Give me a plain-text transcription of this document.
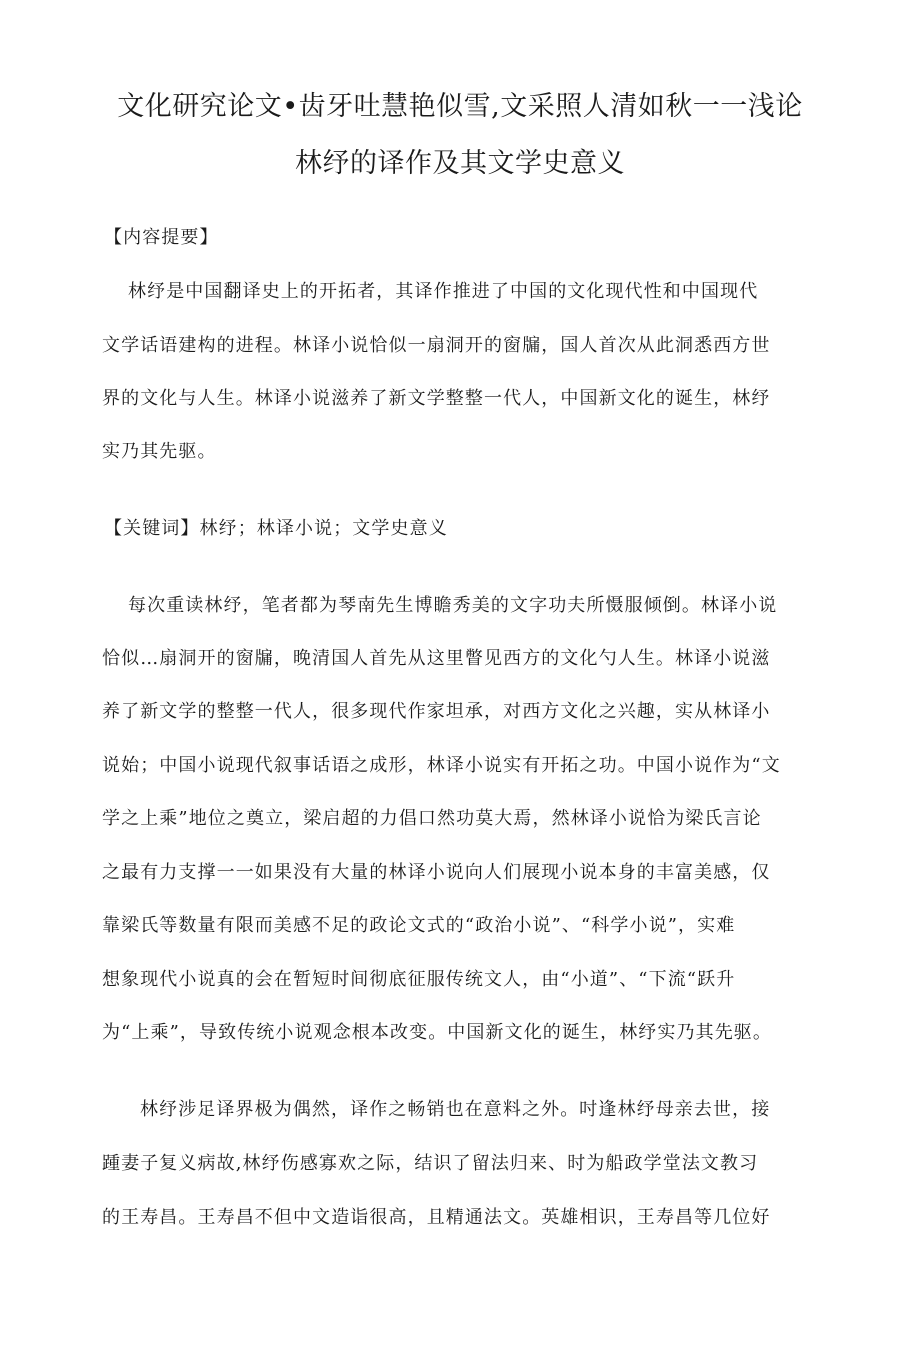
文化研究论文•齿牙吐慧艳似雪,文采照人清如秋一一浅论
林纾的译作及其文学史意义
【内容提要】
林纾是中国翻译史上的开拓者，其译作推进了中国的文化现代性和中国现代
文学话语建构的进程。林译小说恰似一扇洞开的窗牖，国人首次从此洞悉西方世
界的文化与人生。林译小说滋养了新文学整整一代人，中国新文化的诞生，林纾
实乃其先驱。
【关键词】林纾；林译小说；文学史意义
每次重读林纾，笔者都为琴南先生博瞻秀美的文字功夫所慑服倾倒。林译小说
恰似…扇洞开的窗牖，晚清国人首先从这里瞥见西方的文化勺人生。林译小说滋
养了新文学的整整一代人，很多现代作家坦承，对西方文化之兴趣，实从林译小
说始；中国小说现代叙事话语之成形，林译小说实有开拓之功。中国小说作为“文
学之上乘”地位之奠立，梁启超的力倡口然功莫大焉，然林译小说恰为梁氏言论
之最有力支撑一一如果没有大量的林译小说向人们展现小说本身的丰富美感，仅
靠梁氏等数量有限而美感不足的政论文式的“政治小说”、“科学小说”，实难
想象现代小说真的会在暂短时间彻底征服传统文人，由“小道”、“下流“跃升
为“上乘”，导致传统小说观念根本改变。中国新文化的诞生，林纾实乃其先驱。
林纾涉足译界极为偶然，译作之畅销也在意料之外。吋逢林纾母亲去世，接
踵妻子复义病故,林纾伤感寡欢之际，结识了留法归来、时为船政学堂法文教习
的王寿昌。王寿昌不但中文造诣很高，且精通法文。英雄相识，王寿昌等几位好
